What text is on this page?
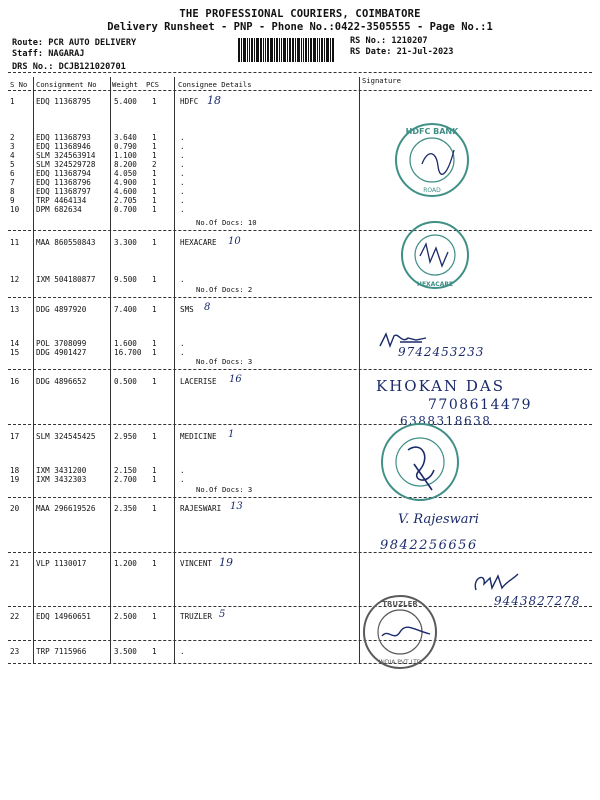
THE PROFESSIONAL COURIERS, COIMBATORE
Delivery Runsheet - PNP - Phone No.:0422-3505555 - Page No.:1
Route: PCR AUTO DELIVERY
Staff: NAGARAJ
DRS No.: DCJB121020701
RS No.: 1210207
RS Date: 21-Jul-2023
S No Consignment No Weight PCS	Consignee Details	Signature
1	EDQ 11368795	5.400 1	HDFC
2	EDQ 11368793	3.640 1	.
3	EDQ 11368946	0.790 1	.
4	SLM 324563914 1.100 1	.
5	SLM 324529728 8.200 2	.
6	EDQ 11368794	4.050 1	.
7	EDQ 11368796	4.900 1	.
8	EDQ 11368797	4.600 1	.
9	TRP 4464134	2.705 1	.
10 DPM 682634	0.700 1	.
No.Of Docs: 10
11 MAA 860550843 3.300 1	HEXACARE
12 IXM 504180877 9.500 1	.
No.Of Docs: 2
13 DDG 4897920	7.400 1	SMS
14 POL 3708099	1.600 1	.
15 DDG 4901427	16.700 1	.
No.Of Docs: 3
16 DDG 4896652	0.500 1	LACERISE
17 SLM 324545425 2.950 1	MEDICINE
18 IXM 3431200	2.150 1	.
19 IXM 3432303	2.700 1	.
No.Of Docs: 3
20 MAA 296619526 2.350 1	RAJESWARI
21 VLP 1130017	1.200 1	VINCENT
22 EDQ 14960651	2.500 1	TRUZLER
23 TRP 7115966	3.500 1	.
18
10
8
16
1
13
19
5
HDFC BANK
ROAD
HEXACARE
9742453233
KHOKAN DAS
7708614479
6388318638
V. Rajeswari
9842256656
9443827278
TRUZLER
INDIA PVT LTD
